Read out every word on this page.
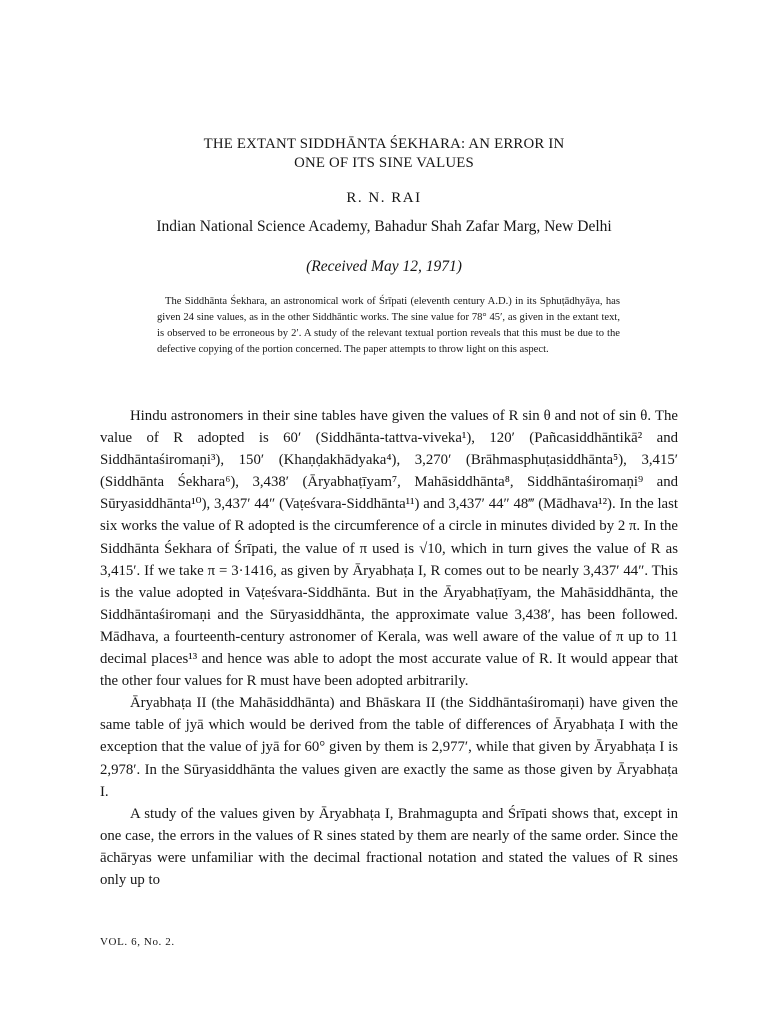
THE EXTANT SIDDHĀNTA ŚEKHARA: AN ERROR IN
ONE OF ITS SINE VALUES
R. N. RAI
Indian National Science Academy, Bahadur Shah Zafar Marg, New Delhi
(Received May 12, 1971)
The Siddhānta Śekhara, an astronomical work of Śrīpati (eleventh century A.D.) in its Sphuṭādhyāya, has given 24 sine values, as in the other Siddhāntic works. The sine value for 78° 45′, as given in the extant text, is observed to be erroneous by 2′. A study of the relevant textual portion reveals that this must be due to the defective copying of the portion concerned. The paper attempts to throw light on this aspect.

Hindu astronomers in their sine tables have given the values of R sin θ and not of sin θ. The value of R adopted is 60′ (Siddhānta-tattva-viveka¹), 120′ (Pañcasiddhāntikā² and Siddhāntaśiromaṇi³), 150′ (Khaṇḍakhādyaka⁴), 3,270′ (Brāhmasphuṭasiddhānta⁵), 3,415′ (Siddhānta Śekhara⁶), 3,438′ (Āryabhaṭīyam⁷, Mahāsiddhānta⁸, Siddhāntaśiromaṇi⁹ and Sūryasiddhānta¹⁰), 3,437′ 44″ (Vaṭeśvara-Siddhānta¹¹) and 3,437′ 44″ 48‴ (Mādhava¹²). In the last six works the value of R adopted is the circumference of a circle in minutes divided by 2 π. In the Siddhānta Śekhara of Śrīpati, the value of π used is √10, which in turn gives the value of R as 3,415′. If we take π = 3·1416, as given by Āryabhaṭa I, R comes out to be nearly 3,437′ 44″. This is the value adopted in Vaṭeśvara-Siddhānta. But in the Āryabhaṭīyam, the Mahāsiddhānta, the Siddhāntaśiromaṇi and the Sūryasiddhānta, the approximate value 3,438′, has been followed. Mādhava, a fourteenth-century astronomer of Kerala, was well aware of the value of π up to 11 decimal places¹³ and hence was able to adopt the most accurate value of R. It would appear that the other four values for R must have been adopted arbitrarily.

Āryabhaṭa II (the Mahāsiddhānta) and Bhāskara II (the Siddhāntaśiromaṇi) have given the same table of jyā which would be derived from the table of differences of Āryabhaṭa I with the exception that the value of jyā for 60° given by them is 2,977′, while that given by Āryabhaṭa I is 2,978′. In the Sūryasiddhānta the values given are exactly the same as those given by Āryabhaṭa I.

A study of the values given by Āryabhaṭa I, Brahmagupta and Śrīpati shows that, except in one case, the errors in the values of R sines stated by them are nearly of the same order. Since the āchāryas were unfamiliar with the decimal fractional notation and stated the values of R sines only up to

VOL. 6, No. 2.
